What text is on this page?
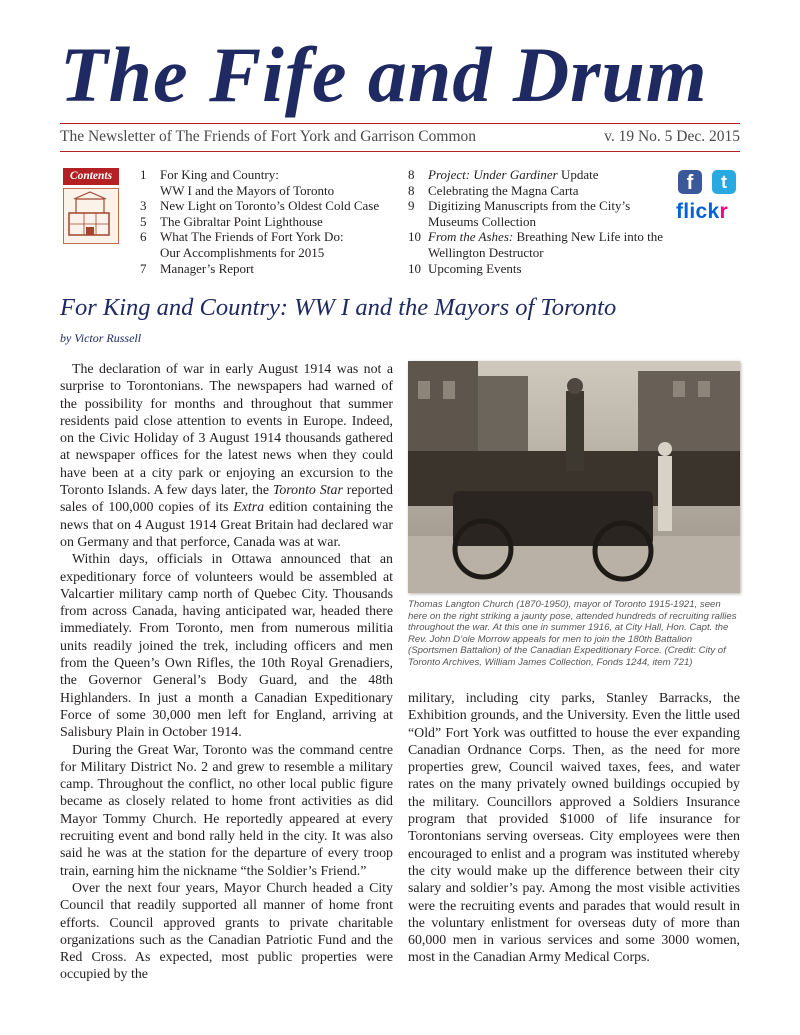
The Fife and Drum
The Newsletter of The Friends of Fort York and Garrison Common	v. 19 No. 5 Dec. 2015
Contents	1	For King and Country:
WW I and the Mayors of Toronto
3	New Light on Toronto’s Oldest Cold Case
5	The Gibraltar Point Lighthouse
6	What The Friends of Fort York Do:
Our Accomplishments for 2015
7	Manager’s Report
8	Project: Under Gardiner Update
8	Celebrating the Magna Carta
9	Digitizing Manuscripts from the City’s
Museums Collection
10 From the Ashes: Breathing New Life into the
Wellington Destructor
10 Upcoming Events
f	t
flickr
For King and Country: WW I and the Mayors of Toronto
by Victor Russell

The declaration of war in early August 1914 was not a surprise to Torontonians. The newspapers had warned of the possibility for months and throughout that summer residents paid close attention to events in Europe. Indeed, on the Civic Holiday of 3 August 1914 thousands gathered at newspaper offices for the latest news when they could have been at a city park or enjoying an excursion to the Toronto Islands. A few days later, the Toronto Star reported sales of 100,000 copies of its Extra edition containing the news that on 4 August 1914 Great Britain had declared war on Germany and that perforce, Canada was at war.

Within days, officials in Ottawa announced that an expeditionary force of volunteers would be assembled at Valcartier military camp north of Quebec City. Thousands from across Canada, having anticipated war, headed there immediately. From Toronto, men from numerous militia units readily joined the trek, including officers and men from the Queen’s Own Rifles, the 10th Royal Grenadiers, the Governor General’s Body Guard, and the 48th Highlanders. In just a month a Canadian Expeditionary Force of some 30,000 men left for England, arriving at Salisbury Plain in October 1914.

During the Great War, Toronto was the command centre for Military District No. 2 and grew to resemble a military camp. Throughout the conflict, no other local public figure became as closely related to home front activities as did Mayor Tommy Church. He reportedly appeared at every recruiting event and bond rally held in the city. It was also said he was at the station for the departure of every troop train, earning him the nickname “the Soldier’s Friend.”

Over the next four years, Mayor Church headed a City Council that readily supported all manner of home front efforts. Council approved grants to private charitable organizations such as the Canadian Patriotic Fund and the Red Cross. As expected, most public properties were occupied by the

Thomas Langton Church (1870-1950), mayor of Toronto 1915-1921, seen here on the right striking a jaunty pose, attended hundreds of recruiting rallies throughout the war. At this one in summer 1916, at City Hall, Hon. Capt. the Rev. John D’ole Morrow appeals for men to join the 180th Battalion (Sportsmen Battalion) of the Canadian Expeditionary Force. (Credit: City of Toronto Archives, William James Collection, Fonds 1244, item 721)

military, including city parks, Stanley Barracks, the Exhibition grounds, and the University. Even the little used “Old” Fort York was outfitted to house the ever expanding Canadian Ordnance Corps. Then, as the need for more properties grew, Council waived taxes, fees, and water rates on the many privately owned buildings occupied by the military. Councillors approved a Soldiers Insurance program that provided $1000 of life insurance for Torontonians serving overseas. City employees were then encouraged to enlist and a program was instituted whereby the city would make up the difference between their city salary and soldier’s pay. Among the most visible activities were the recruiting events and parades that would result in the voluntary enlistment for overseas duty of more than 60,000 men in various services and some 3000 women, most in the Canadian Army Medical Corps.
